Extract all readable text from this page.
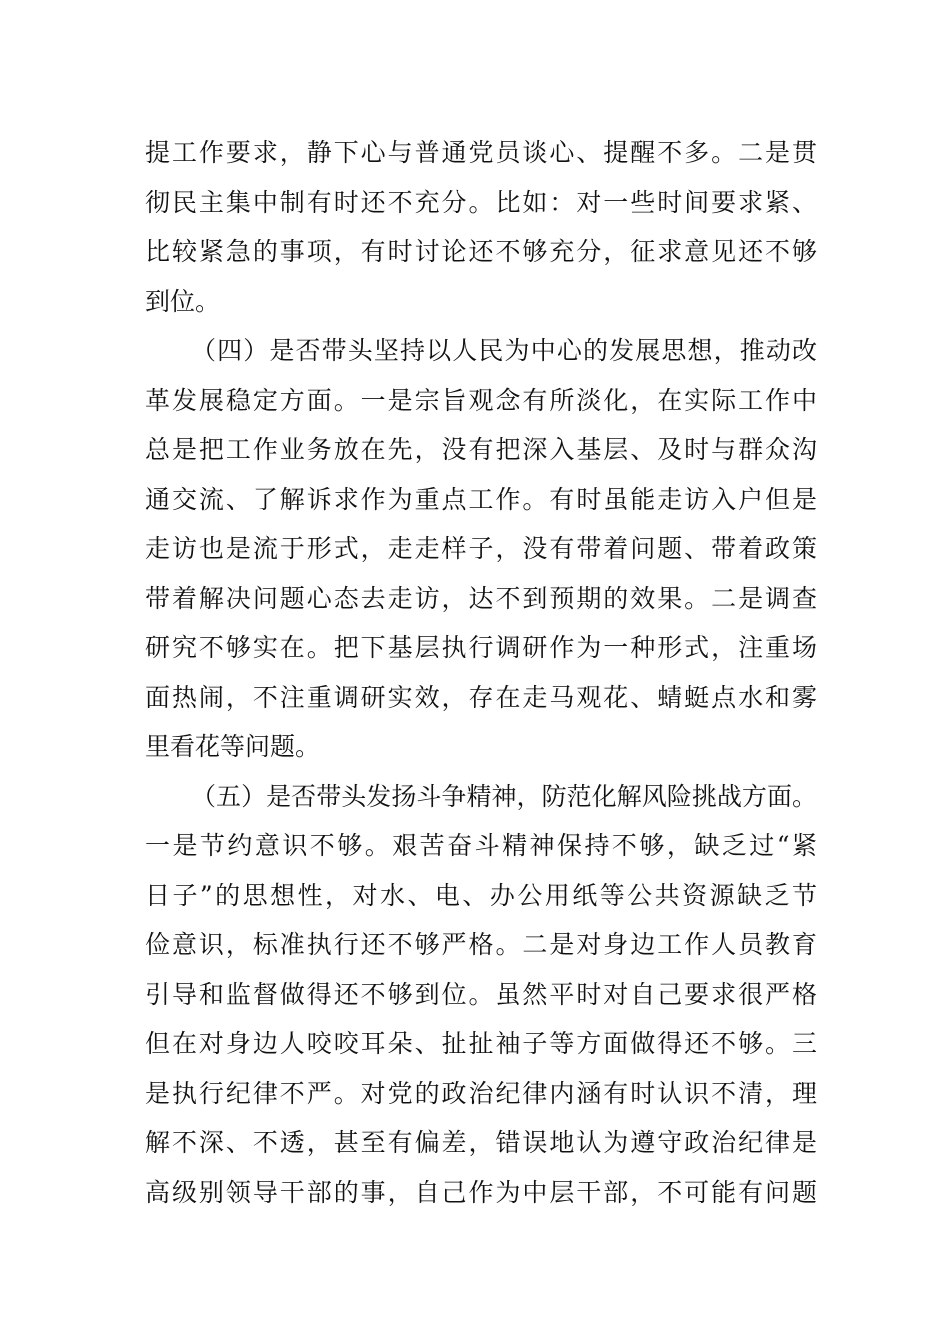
提工作要求，静下心与普通党员谈心、提醒不多。二是贯
彻民主集中制有时还不充分。比如：对一些时间要求紧、
比较紧急的事项，有时讨论还不够充分，征求意见还不够
到位。
（四）是否带头坚持以人民为中心的发展思想，推动改
革发展稳定方面。一是宗旨观念有所淡化，在实际工作中
总是把工作业务放在先，没有把深入基层、及时与群众沟
通交流、了解诉求作为重点工作。有时虽能走访入户但是
走访也是流于形式，走走样子，没有带着问题、带着政策
带着解决问题心态去走访，达不到预期的效果。二是调查
研究不够实在。把下基层执行调研作为一种形式，注重场
面热闹，不注重调研实效，存在走马观花、蜻蜓点水和雾
里看花等问题。
（五）是否带头发扬斗争精神，防范化解风险挑战方面。
一是节约意识不够。艰苦奋斗精神保持不够，缺乏过“紧
日子”的思想性，对水、电、办公用纸等公共资源缺乏节
俭意识，标准执行还不够严格。二是对身边工作人员教育
引导和监督做得还不够到位。虽然平时对自己要求很严格
但在对身边人咬咬耳朵、扯扯袖子等方面做得还不够。三
是执行纪律不严。对党的政治纪律内涵有时认识不清，理
解不深、不透，甚至有偏差，错误地认为遵守政治纪律是
高级别领导干部的事，自己作为中层干部，不可能有问题
